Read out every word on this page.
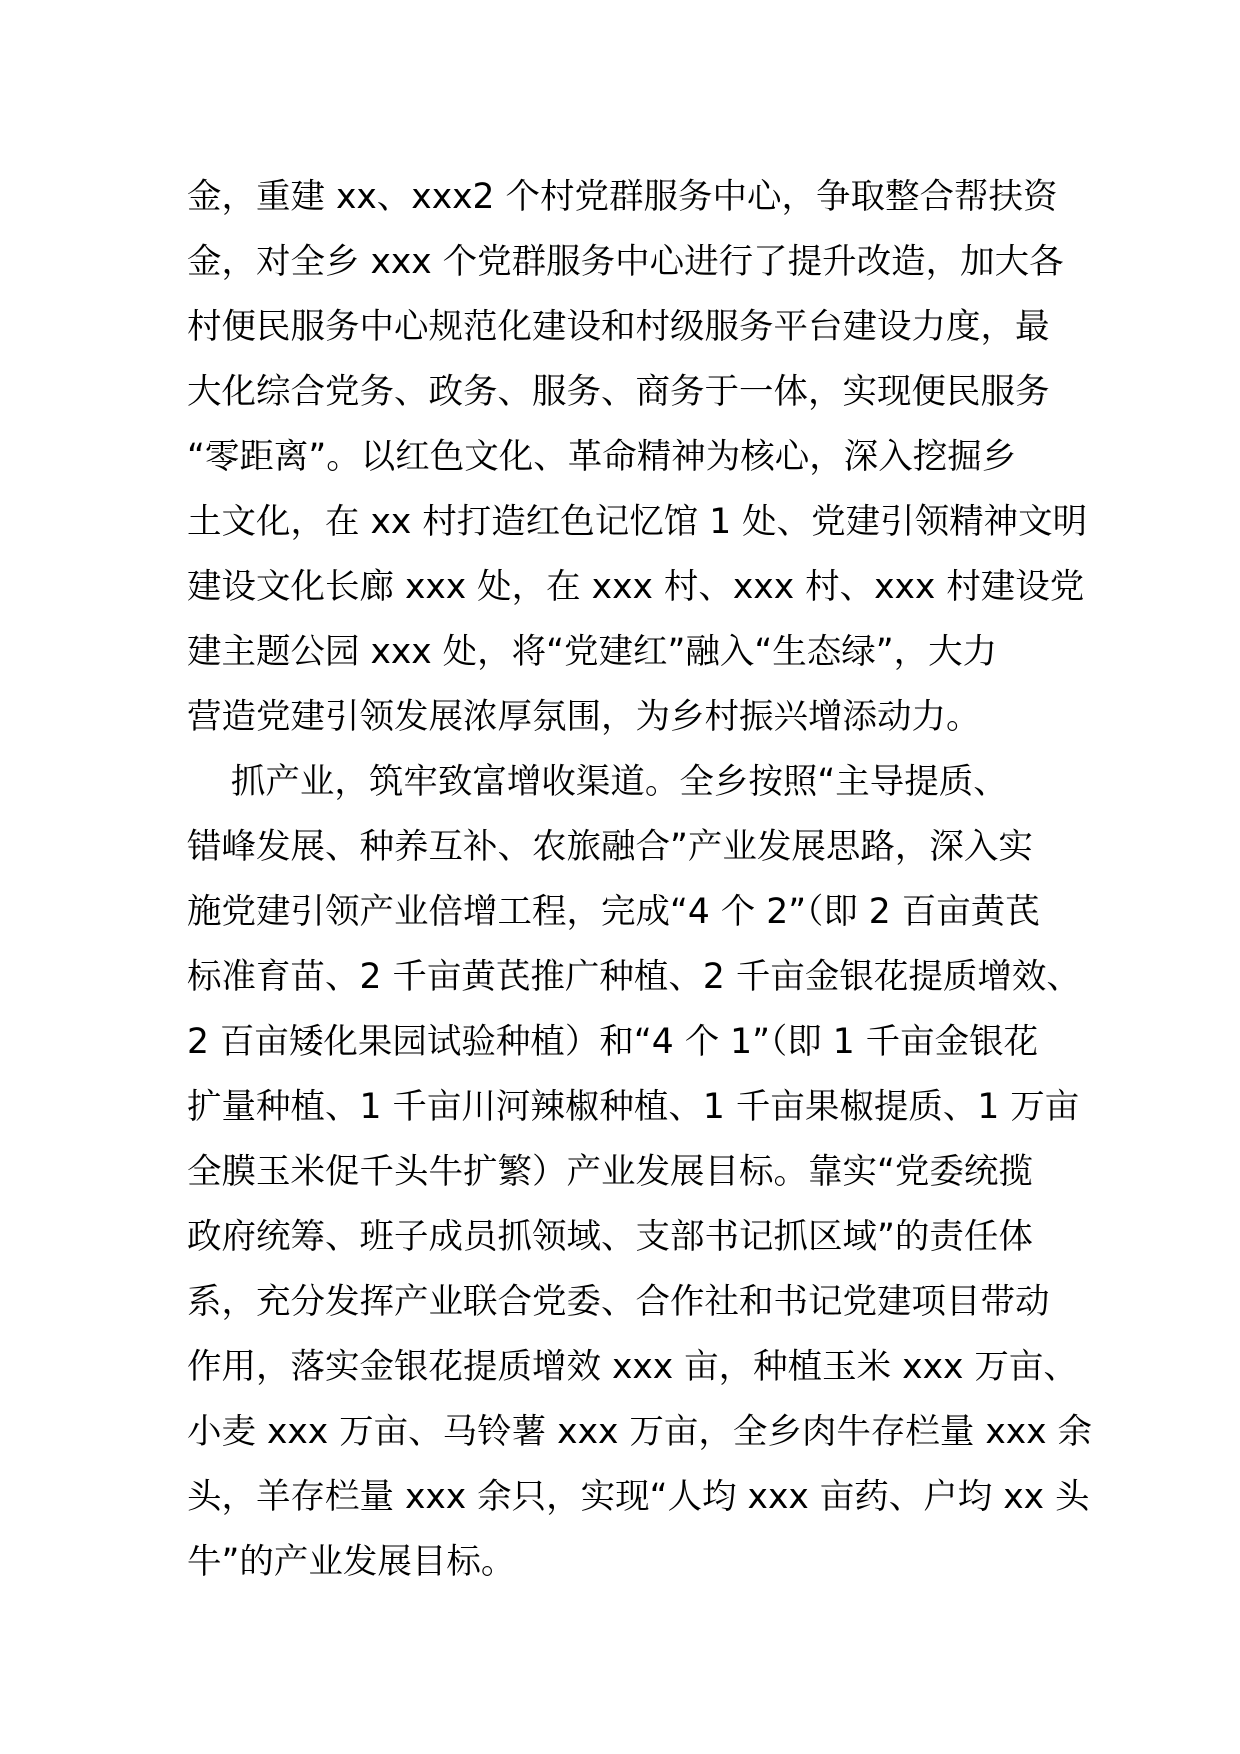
金，重建 xx、xxx2 个村党群服务中心，争取整合帮扶资
金，对全乡 xxx 个党群服务中心进行了提升改造，加大各
村便民服务中心规范化建设和村级服务平台建设力度，最
大化综合党务、政务、服务、商务于一体，实现便民服务
“零距离”。以红色文化、革命精神为核心，深入挖掘乡
土文化，在 xx 村打造红色记忆馆 1 处、党建引领精神文明
建设文化长廊 xxx 处，在 xxx 村、xxx 村、xxx 村建设党
建主题公园 xxx 处，将“党建红”融入“生态绿”，大力
营造党建引领发展浓厚氛围，为乡村振兴增添动力。
抓产业，筑牢致富增收渠道。全乡按照“主导提质、
错峰发展、种养互补、农旅融合”产业发展思路，深入实
施党建引领产业倍增工程，完成“4 个 2”（即 2 百亩黄芪
标准育苗、2 千亩黄芪推广种植、2 千亩金银花提质增效、
2 百亩矮化果园试验种植）和“4 个 1”（即 1 千亩金银花
扩量种植、1 千亩川河辣椒种植、1 千亩果椒提质、1 万亩
全膜玉米促千头牛扩繁）产业发展目标。靠实“党委统揽
政府统筹、班子成员抓领域、支部书记抓区域”的责任体
系，充分发挥产业联合党委、合作社和书记党建项目带动
作用，落实金银花提质增效 xxx 亩，种植玉米 xxx 万亩、
小麦 xxx 万亩、马铃薯 xxx 万亩，全乡肉牛存栏量 xxx 余
头，羊存栏量 xxx 余只，实现“人均 xxx 亩药、户均 xx 头
牛”的产业发展目标。
